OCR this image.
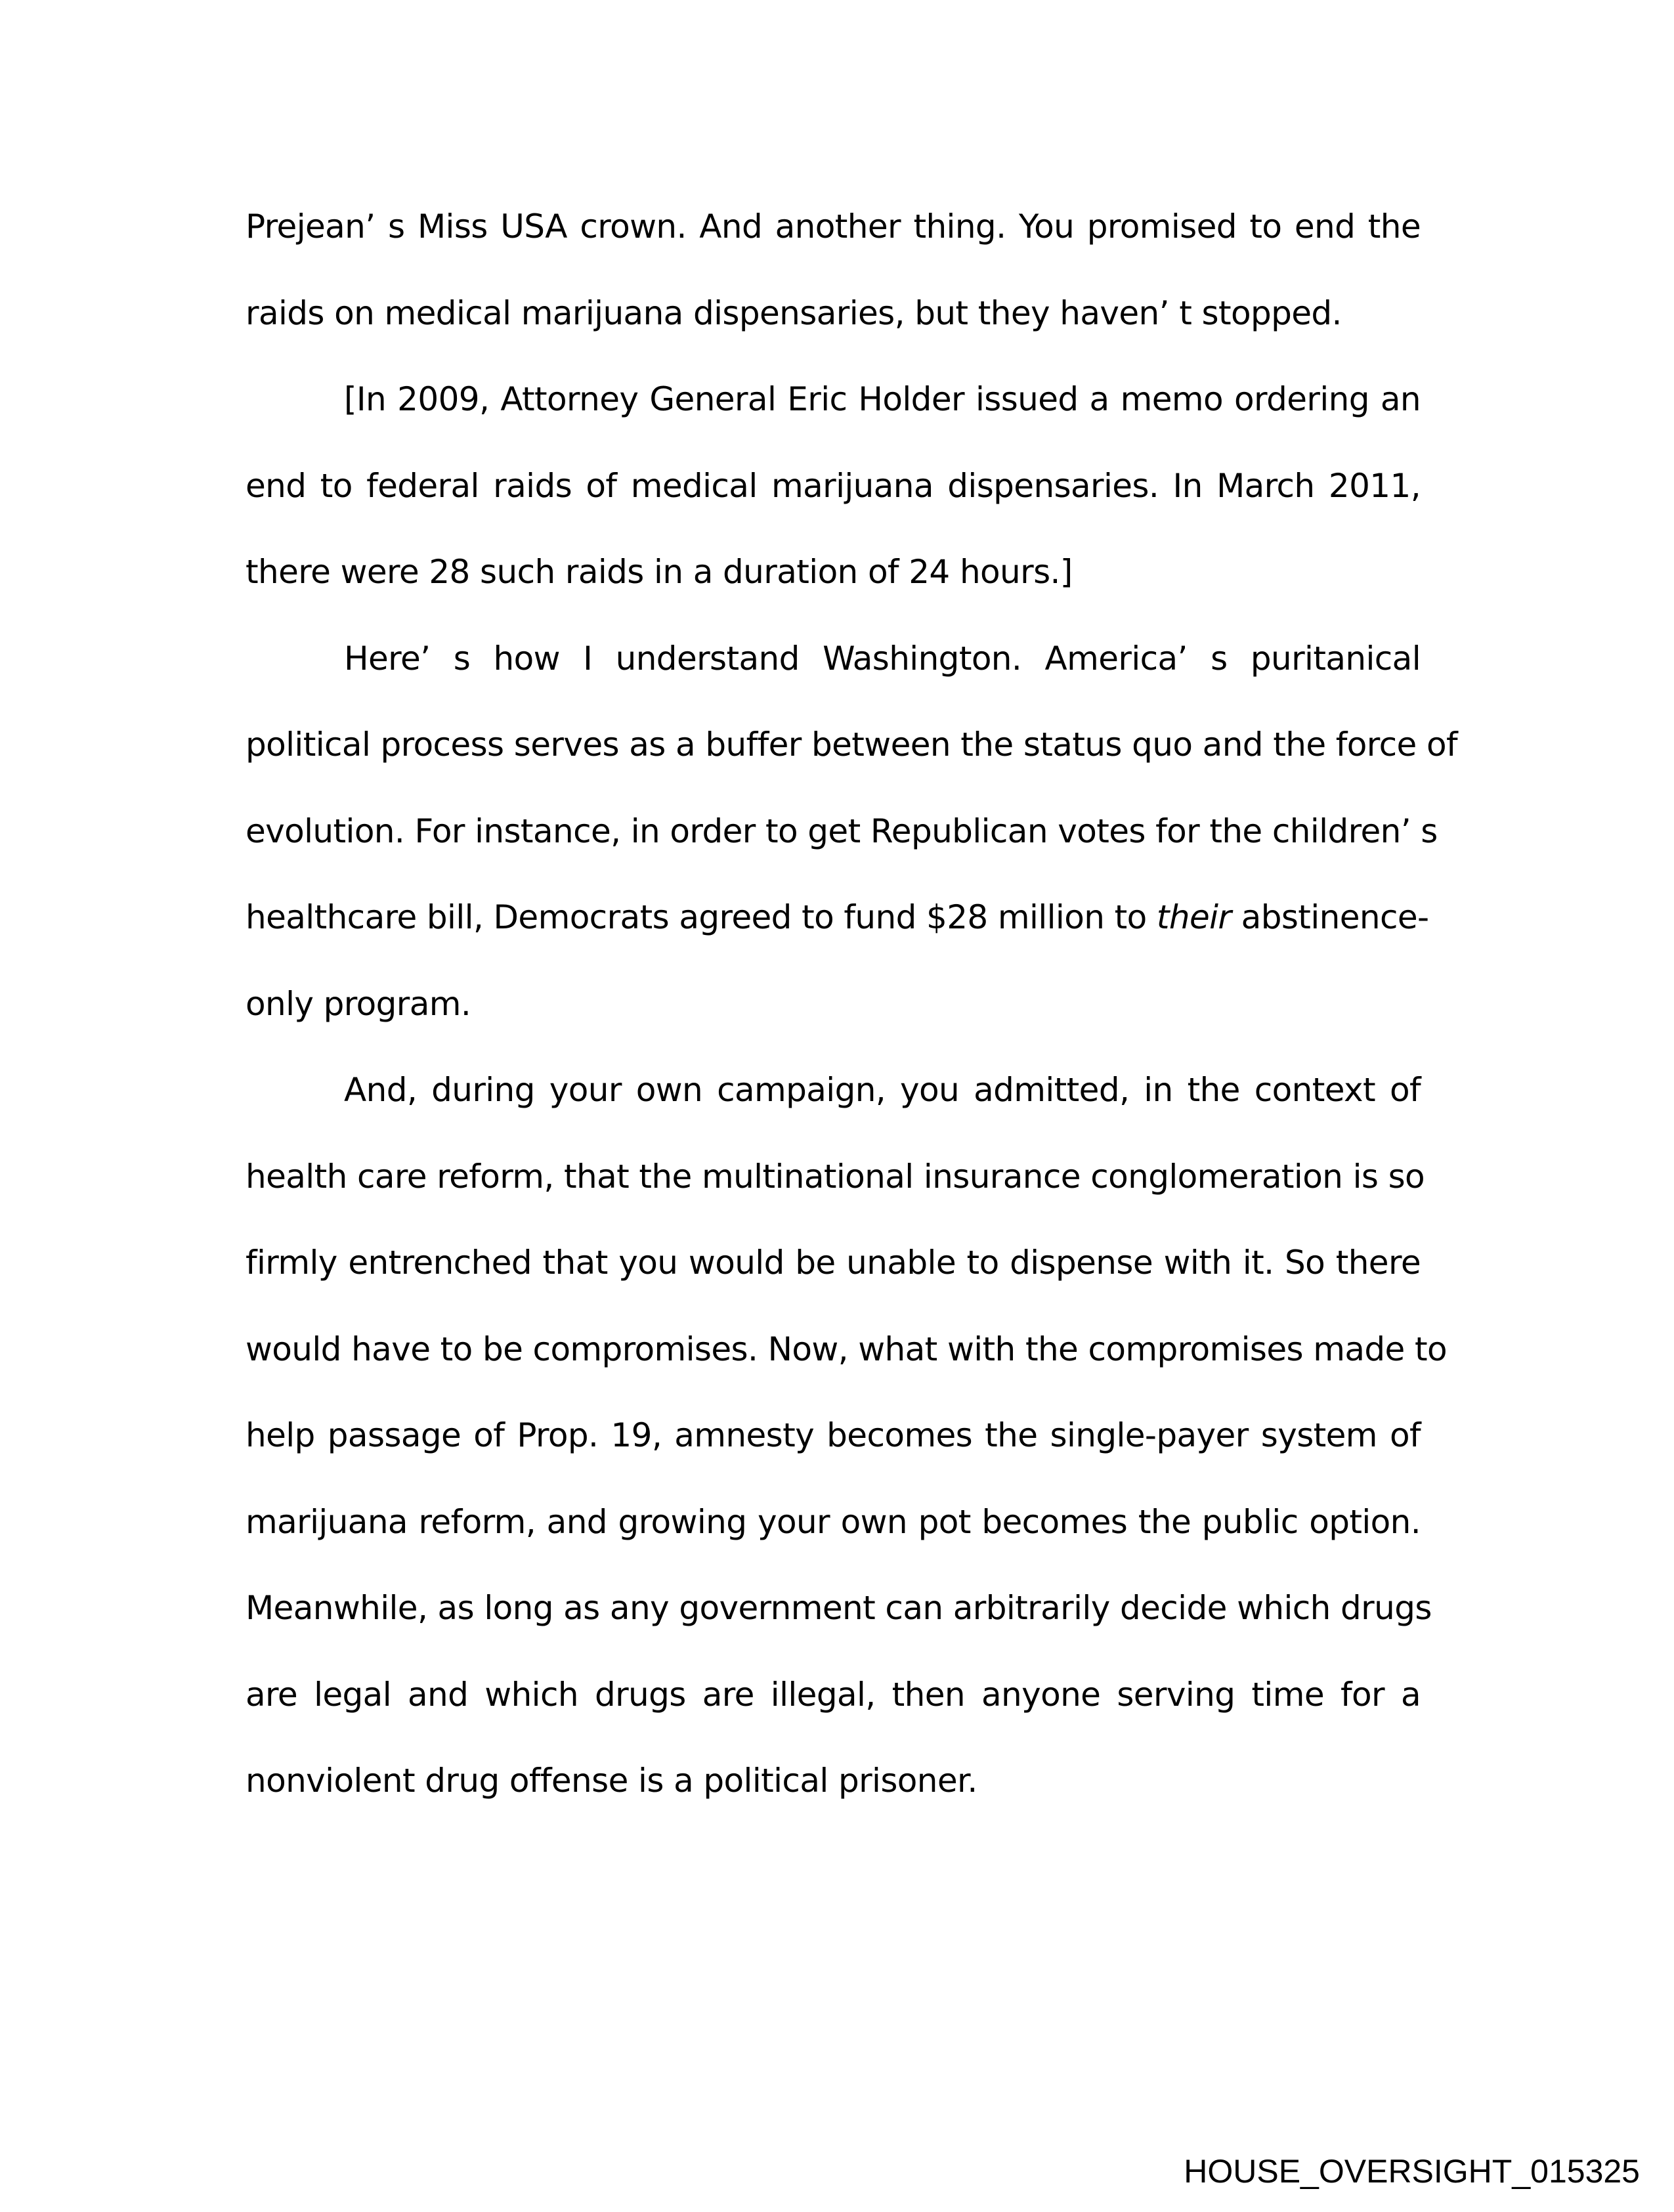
Prejean’ s Miss USA crown. And another thing. You promised to end the
raids on medical marijuana dispensaries, but they haven’ t stopped.

[In 2009, Attorney General Eric Holder issued a memo ordering an
end to federal raids of medical marijuana dispensaries. In March 2011,
there were 28 such raids in a duration of 24 hours.]

Here’ s how I understand Washington. America’ s puritanical
political process serves as a buffer between the status quo and the force of
evolution. For instance, in order to get Republican votes for the children’ s
healthcare bill, Democrats agreed to fund $28 million to their abstinence-
only program.

And, during your own campaign, you admitted, in the context of
health care reform, that the multinational insurance conglomeration is so
firmly entrenched that you would be unable to dispense with it. So there
would have to be compromises. Now, what with the compromises made to
help passage of Prop. 19, amnesty becomes the single-payer system of
marijuana reform, and growing your own pot becomes the public option.
Meanwhile, as long as any government can arbitrarily decide which drugs
are legal and which drugs are illegal, then anyone serving time for a
nonviolent drug offense is a political prisoner.

HOUSE_OVERSIGHT_015325
